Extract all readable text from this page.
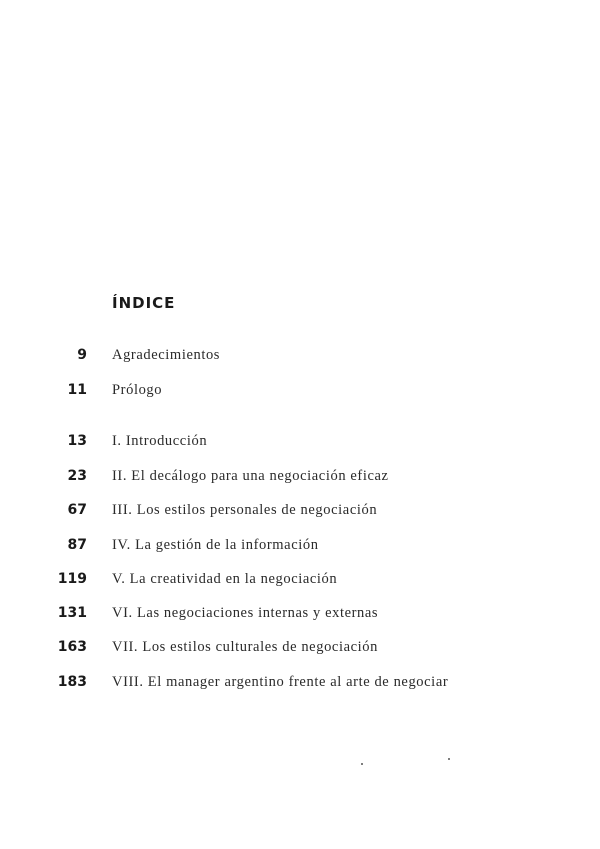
ÍNDICE
9 Agradecimientos
11 Prólogo
13 I. Introducción
23 II. El decálogo para una negociación eficaz
67 III. Los estilos personales de negociación
87 IV. La gestión de la información
119 V. La creatividad en la negociación
131 VI. Las negociaciones internas y externas
163 VII. Los estilos culturales de negociación
183 VIII. El manager argentino frente al arte de negociar
